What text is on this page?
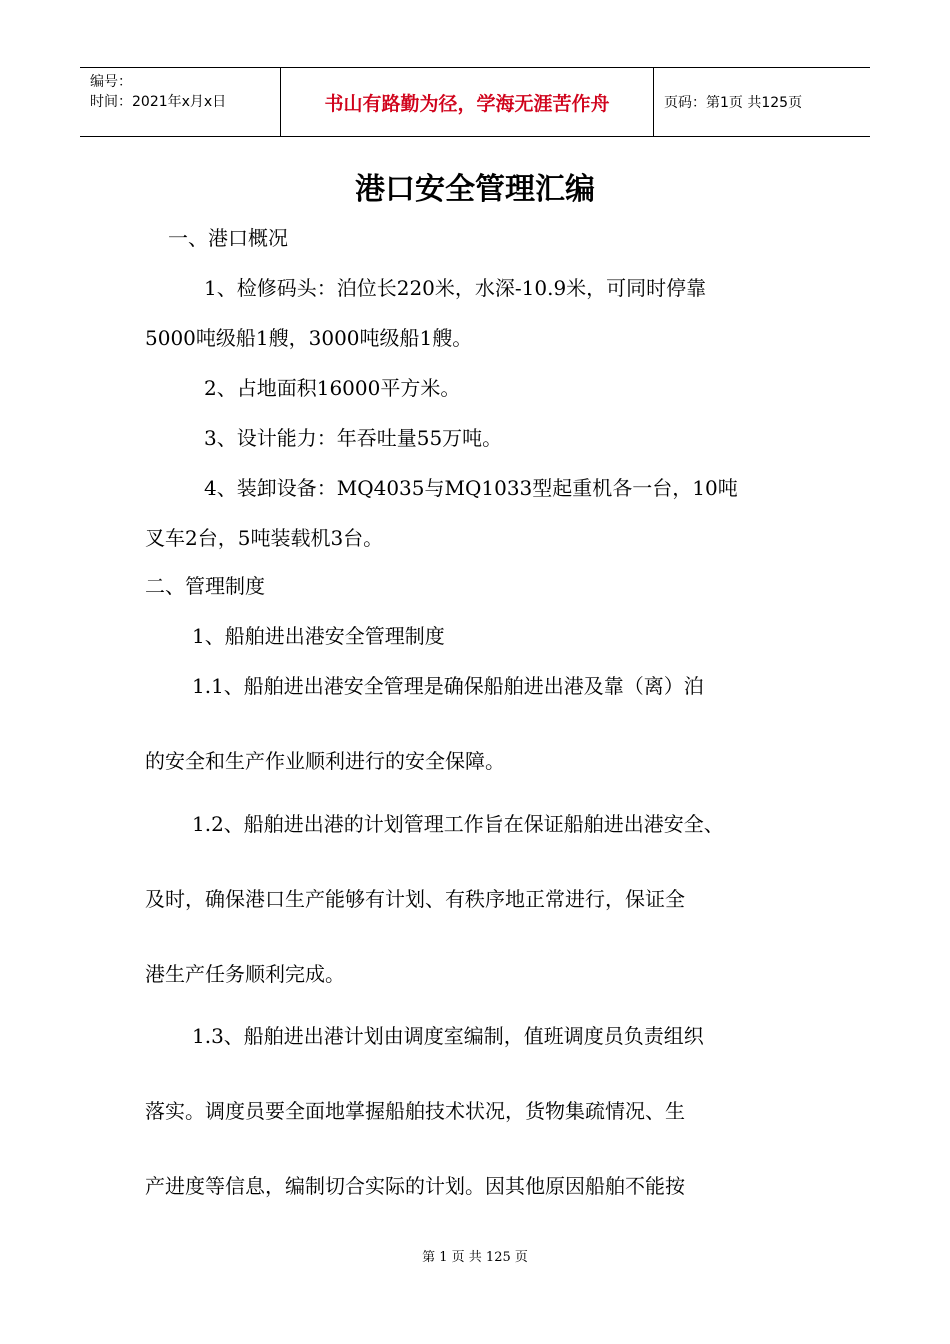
编号：
时间：2021年x月x日	书山有路勤为径，学海无涯苦作舟	页码：第1页 共125页
港口安全管理汇编
一、港口概况
1、检修码头：泊位长220米，水深-10.9米，可同时停靠
5000吨级船1艘，3000吨级船1艘。
2、占地面积16000平方米。
3、设计能力：年吞吐量55万吨。
4、装卸设备：MQ4035与MQ1033型起重机各一台，10吨
叉车2台，5吨装载机3台。
二、管理制度
1、船舶进出港安全管理制度
1.1、船舶进出港安全管理是确保船舶进出港及靠（离）泊
的安全和生产作业顺利进行的安全保障。
1.2、船舶进出港的计划管理工作旨在保证船舶进出港安全、
及时，确保港口生产能够有计划、有秩序地正常进行，保证全
港生产任务顺利完成。
1.3、船舶进出港计划由调度室编制，值班调度员负责组织
落实。调度员要全面地掌握船舶技术状况，货物集疏情况、生
产进度等信息，编制切合实际的计划。因其他原因船舶不能按
第 1 页 共 125 页
